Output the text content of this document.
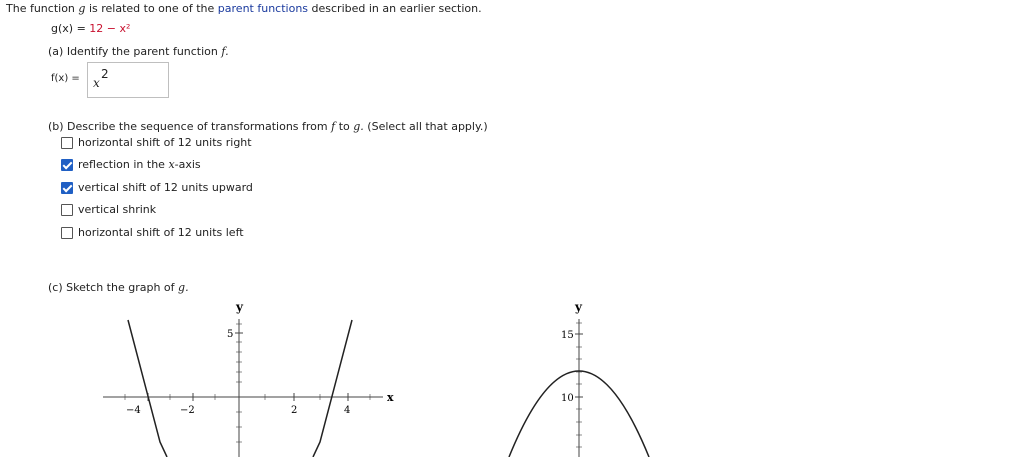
The function g is related to one of the parent functions described in an earlier section.
g(x) = 12 − x²
(a) Identify the parent function f.
f(x) = x
2
(b) Describe the sequence of transformations from f to g. (Select all that apply.)
horizontal shift of 12 units right
reflection in the x-axis
vertical shift of 12 units upward
vertical shrink
horizontal shift of 12 units left
(c) Sketch the graph of g.
y
x
−4	−2	2	4
5
y
15
10
